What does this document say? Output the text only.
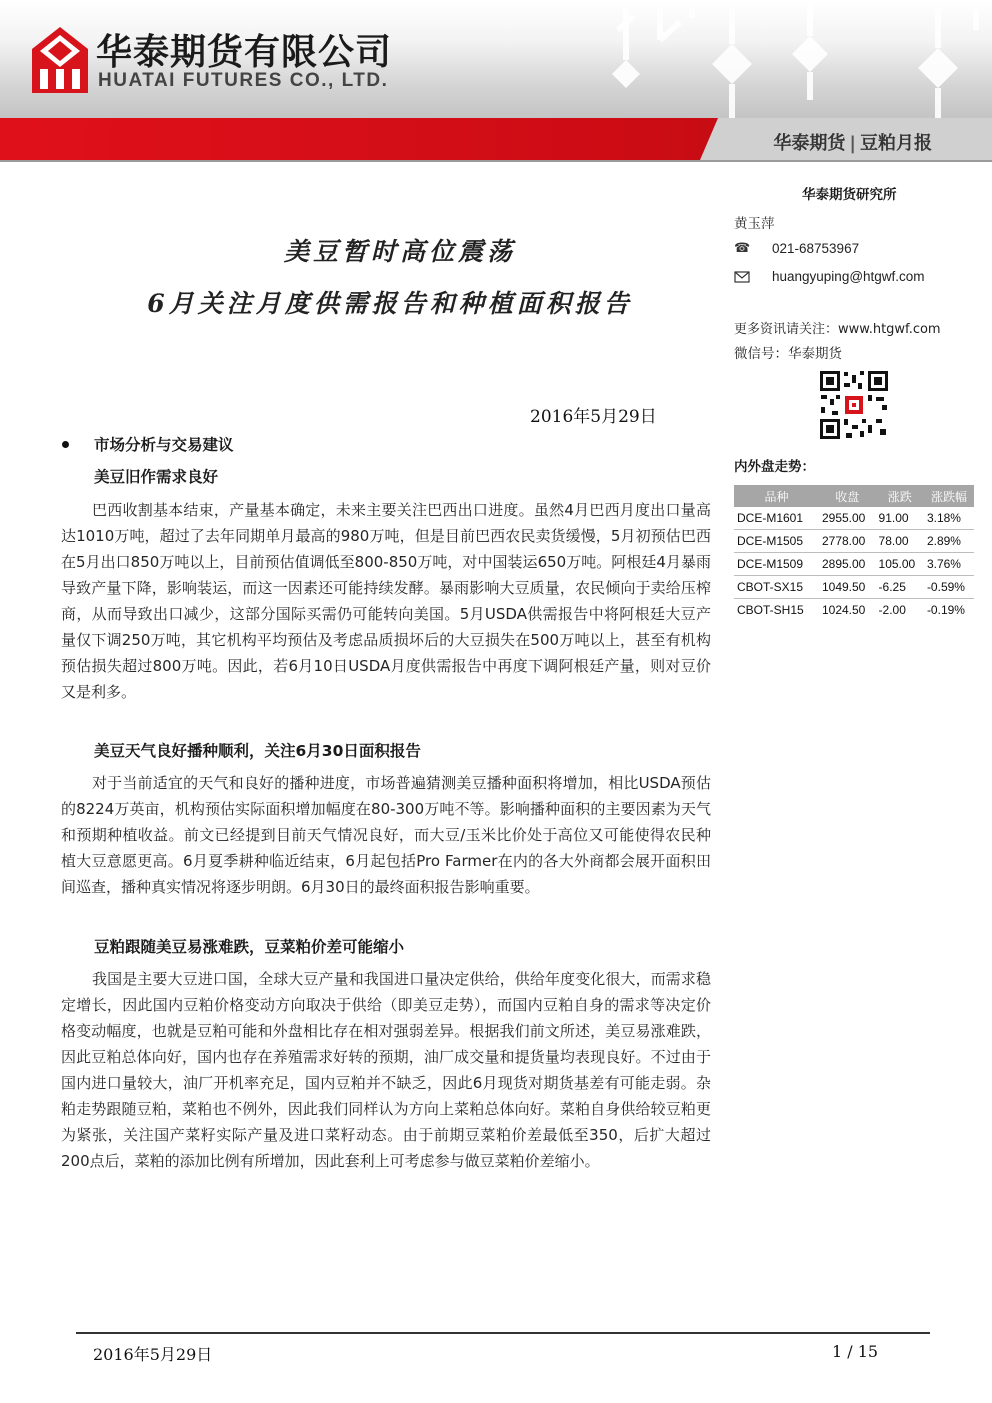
华泰期货有限公司
HUATAI FUTURES CO., LTD.
华泰期货 | 豆粕月报
美豆暂时高位震荡
6月关注月度供需报告和种植面积报告
2016年5月29日
华泰期货研究所
黄玉萍
☎ 021-68753967
huangyuping@htgwf.com
更多资讯请关注：www.htgwf.com
微信号：华泰期货
内外盘走势：
品种	收盘	涨跌	涨跌幅
DCE-M1601	2955.00	91.00	3.18%
DCE-M1505	2778.00	78.00	2.89%
DCE-M1509	2895.00	105.00	3.76%
CBOT-SX15	1049.50	-6.25	-0.59%
CBOT-SH15	1024.50	-2.00	-0.19%
市场分析与交易建议
美豆旧作需求良好
巴西收割基本结束，产量基本确定，未来主要关注巴西出口进度。虽然4月巴西月度出口量高达1010万吨，超过了去年同期单月最高的980万吨，但是目前巴西农民卖货缓慢，5月初预估巴西在5月出口850万吨以上，目前预估值调低至800-850万吨，对中国装运650万吨。阿根廷4月暴雨导致产量下降，影响装运，而这一因素还可能持续发酵。暴雨影响大豆质量，农民倾向于卖给压榨商，从而导致出口减少，这部分国际买需仍可能转向美国。5月USDA供需报告中将阿根廷大豆产量仅下调250万吨，其它机构平均预估及考虑品质损坏后的大豆损失在500万吨以上，甚至有机构预估损失超过800万吨。因此，若6月10日USDA月度供需报告中再度下调阿根廷产量，则对豆价又是利多。
美豆天气良好播种顺利，关注6月30日面积报告
对于当前适宜的天气和良好的播种进度，市场普遍猜测美豆播种面积将增加，相比USDA预估的8224万英亩，机构预估实际面积增加幅度在80-300万吨不等。影响播种面积的主要因素为天气和预期种植收益。前文已经提到目前天气情况良好，而大豆/玉米比价处于高位又可能使得农民种植大豆意愿更高。6月夏季耕种临近结束，6月起包括Pro Farmer在内的各大外商都会展开面积田间巡查，播种真实情况将逐步明朗。6月30日的最终面积报告影响重要。
豆粕跟随美豆易涨难跌，豆菜粕价差可能缩小
我国是主要大豆进口国，全球大豆产量和我国进口量决定供给，供给年度变化很大，而需求稳定增长，因此国内豆粕价格变动方向取决于供给（即美豆走势），而国内豆粕自身的需求等决定价格变动幅度，也就是豆粕可能和外盘相比存在相对强弱差异。根据我们前文所述，美豆易涨难跌，因此豆粕总体向好，国内也存在养殖需求好转的预期，油厂成交量和提货量均表现良好。不过由于国内进口量较大，油厂开机率充足，国内豆粕并不缺乏，因此6月现货对期货基差有可能走弱。杂粕走势跟随豆粕，菜粕也不例外，因此我们同样认为方向上菜粕总体向好。菜粕自身供给较豆粕更为紧张，关注国产菜籽实际产量及进口菜籽动态。由于前期豆菜粕价差最低至350，后扩大超过200点后，菜粕的添加比例有所增加，因此套利上可考虑参与做豆菜粕价差缩小。
2016年5月29日	1 / 15
